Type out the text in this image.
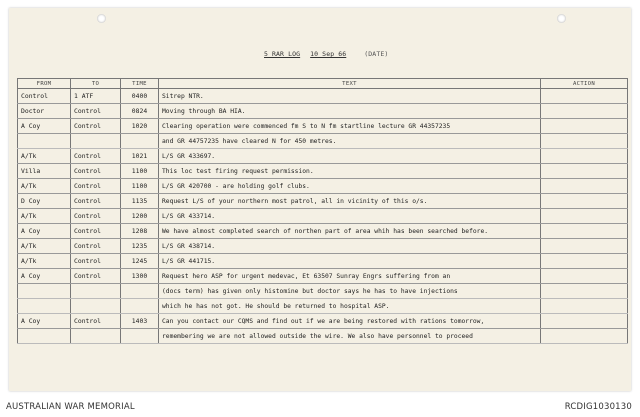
5 RAR LOG 10 Sep 66	(DATE)
FROM	TO	TIME	TEXT	ACTION
Control	1 ATF	0400	Sitrep NTR.	
Doctor	Control	0824	Moving through BA HIA.	
A Coy	Control	1020	Clearing operation were commenced fm S to N fm startline lecture GR 44357235	
			and GR 44757235 have cleared N for 450 metres.	
A/Tk	Control	1021	L/S GR 433697.	
Villa	Control	1100	This loc test firing request permission.	
A/Tk	Control	1100	L/S GR 420700 - are holding golf clubs.	
D Coy	Control	1135	Request L/S of your northern most patrol, all in vicinity of this o/s.	
A/Tk	Control	1200	L/S GR 433714.	
A Coy	Control	1208	We have almost completed search of northen part of area whih has been searched before.	
A/Tk	Control	1235	L/S GR 438714.	
A/Tk	Control	1245	L/S GR 441715.	
A Coy	Control	1300	Request hero ASP for urgent medevac, Et 63507 Sunray Engrs suffering from an	
			(docs term) has given only histomine but doctor says he has to have injections	
			which he has not got. He should be returned to hospital ASP.	
A Coy	Control	1403	Can you contact our CQMS and find out if we are being restored with rations tomorrow,	
			remembering we are not allowed outside the wire. We also have personnel to proceed	
AUSTRALIAN WAR MEMORIAL	RCDIG1030130
